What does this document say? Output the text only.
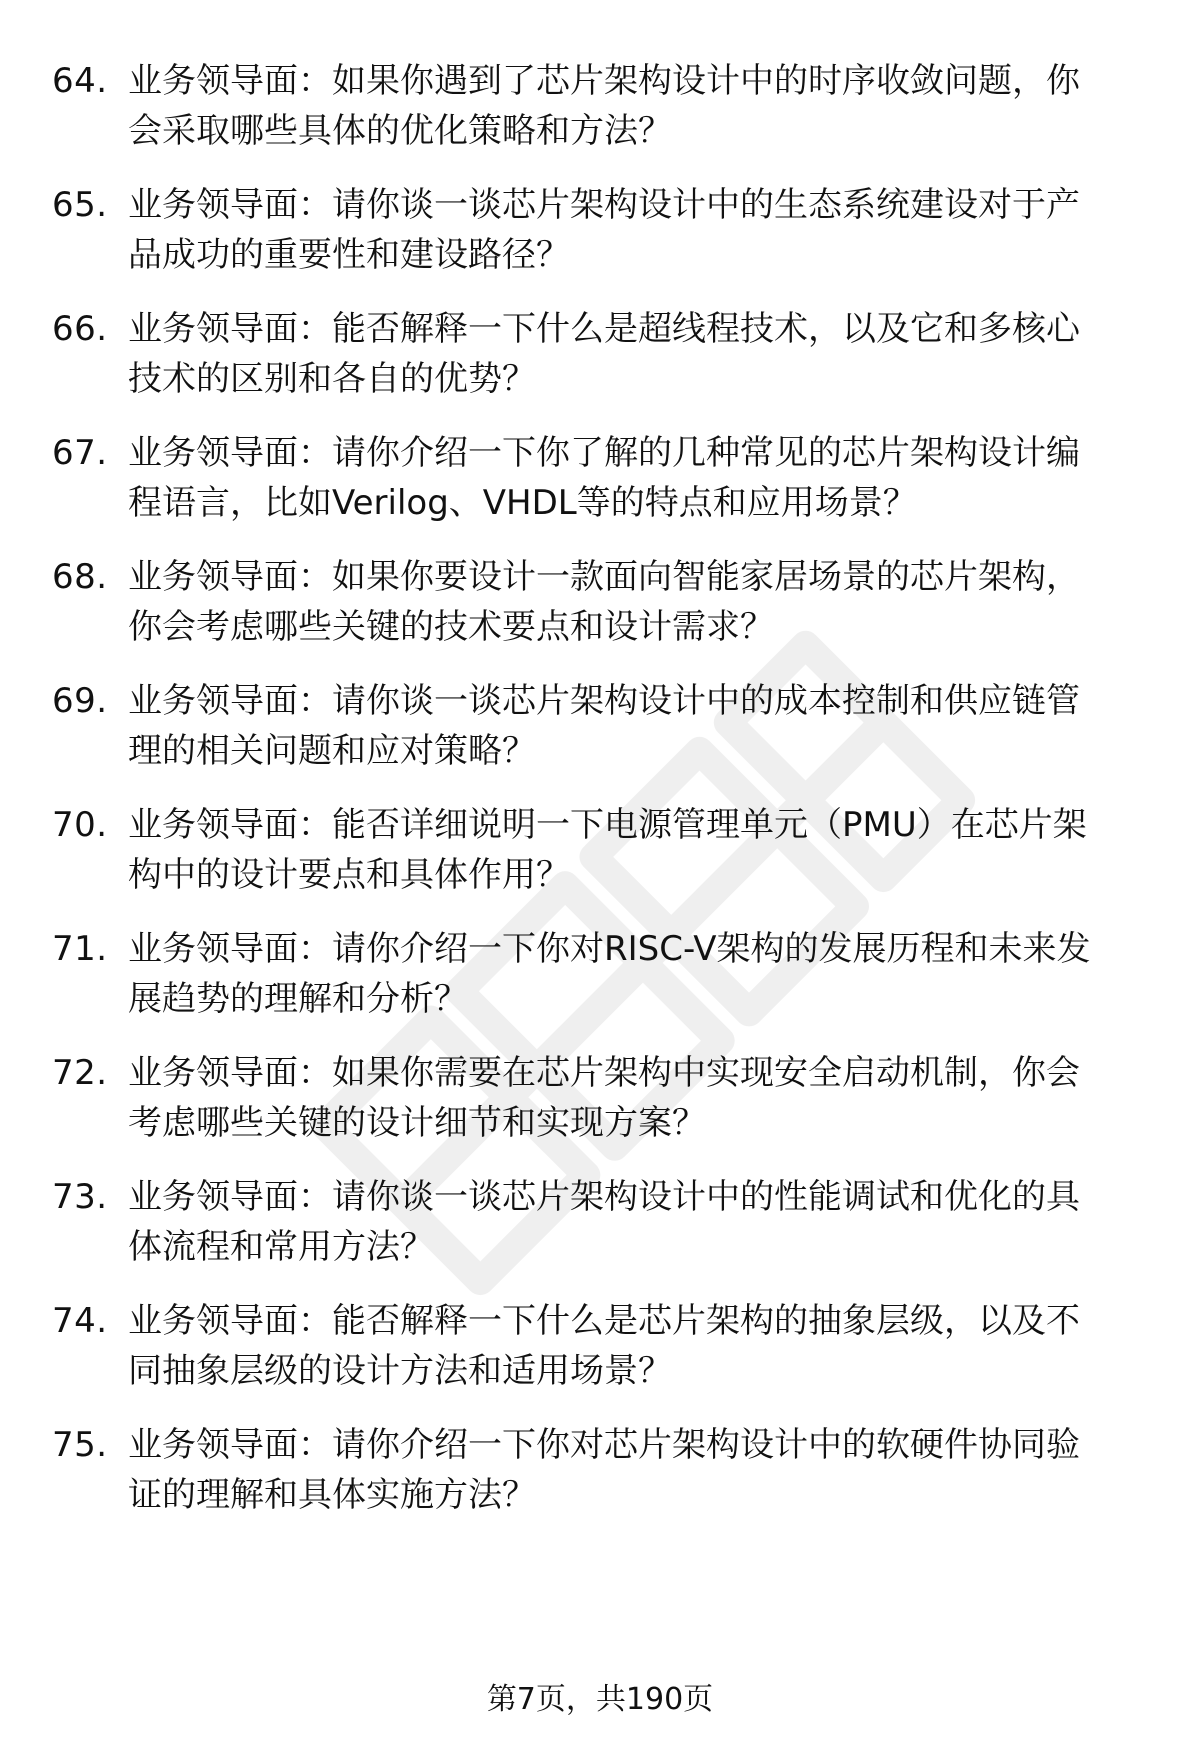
64. 业务领导面：如果你遇到了芯片架构设计中的时序收敛问题，你
会采取哪些具体的优化策略和方法？
65. 业务领导面：请你谈一谈芯片架构设计中的生态系统建设对于产
品成功的重要性和建设路径？
66. 业务领导面：能否解释一下什么是超线程技术，以及它和多核心
技术的区别和各自的优势？
67. 业务领导面：请你介绍一下你了解的几种常见的芯片架构设计编
程语言，比如Verilog、VHDL等的特点和应用场景？
68. 业务领导面：如果你要设计一款面向智能家居场景的芯片架构，
你会考虑哪些关键的技术要点和设计需求？
69. 业务领导面：请你谈一谈芯片架构设计中的成本控制和供应链管
理的相关问题和应对策略？
70. 业务领导面：能否详细说明一下电源管理单元（PMU）在芯片架
构中的设计要点和具体作用？
71. 业务领导面：请你介绍一下你对RISC-V架构的发展历程和未来发
展趋势的理解和分析？
72. 业务领导面：如果你需要在芯片架构中实现安全启动机制，你会
考虑哪些关键的设计细节和实现方案？
73. 业务领导面：请你谈一谈芯片架构设计中的性能调试和优化的具
体流程和常用方法？
74. 业务领导面：能否解释一下什么是芯片架构的抽象层级，以及不
同抽象层级的设计方法和适用场景？
75. 业务领导面：请你介绍一下你对芯片架构设计中的软硬件协同验
证的理解和具体实施方法？
第7页，共190页
